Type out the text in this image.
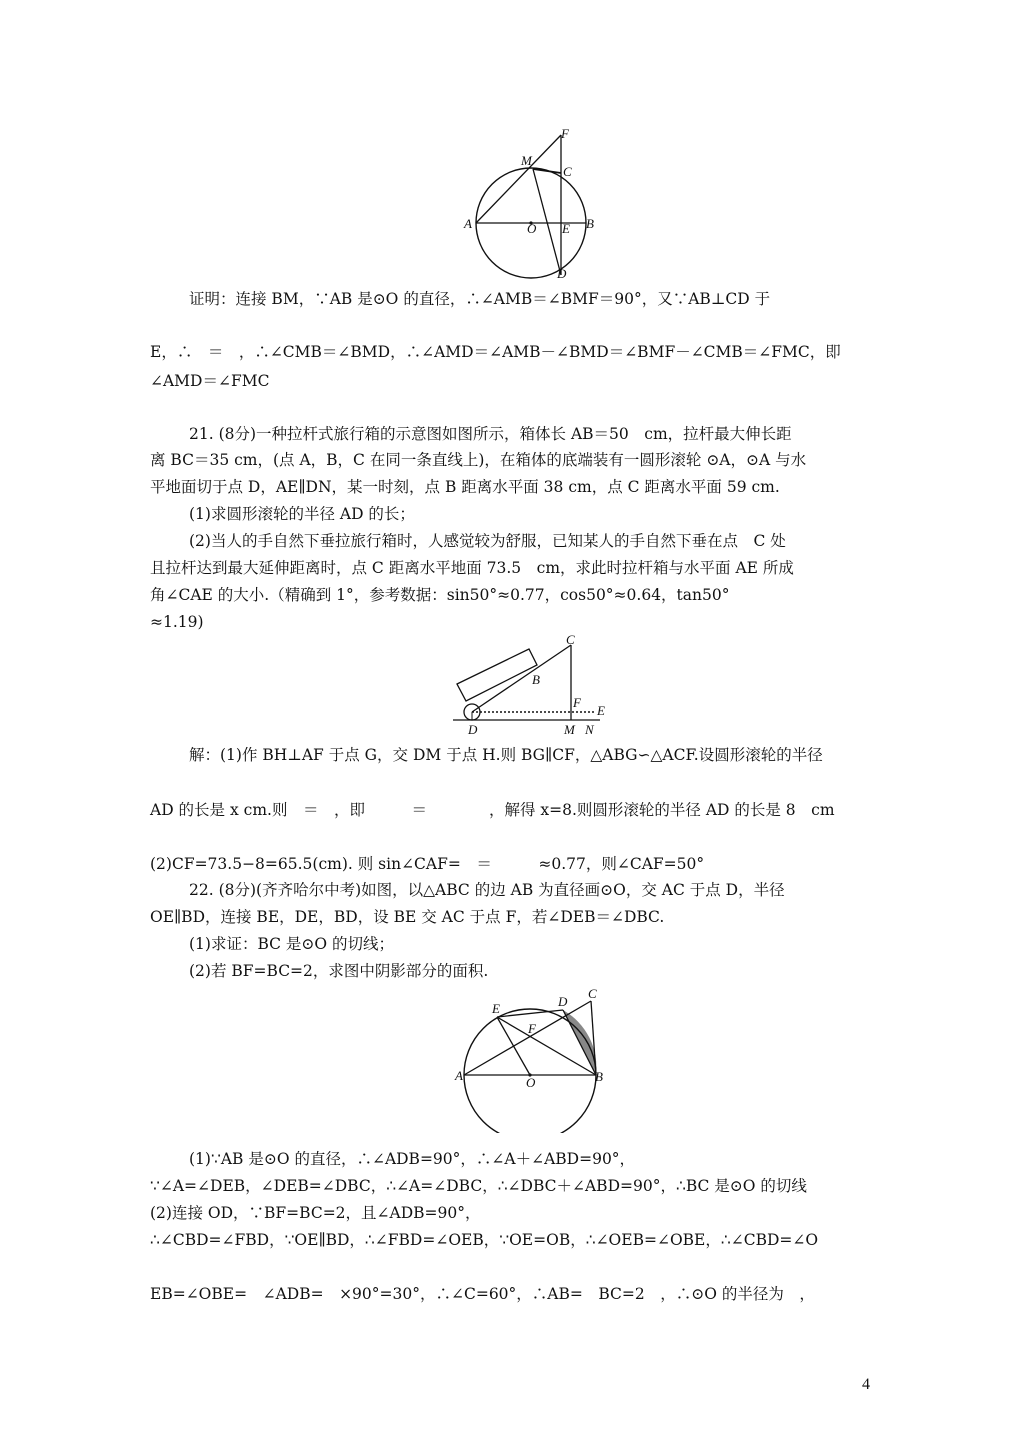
F
M
C
A	O E B
D
证明：连接 BM，∵AB 是⊙O 的直径，∴∠AMB＝∠BMF＝90°，又∵AB⊥CD 于
E，∴　＝　，∴∠CMB＝∠BMD，∴∠AMD＝∠AMB－∠BMD＝∠BMF－∠CMB＝∠FMC，即
∠AMD＝∠FMC
21. (8分)一种拉杆式旅行箱的示意图如图所示，箱体长 AB＝50　cm，拉杆最大伸长距
离 BC＝35 cm，(点 A，B，C 在同一条直线上)，在箱体的底端装有一圆形滚轮 ⊙A，⊙A 与水
平地面切于点 D，AE∥DN，某一时刻，点 B 距离水平面 38 cm，点 C 距离水平面 59 cm.
(1)求圆形滚轮的半径 AD 的长；
(2)当人的手自然下垂拉旅行箱时，人感觉较为舒服，已知某人的手自然下垂在点　C 处
且拉杆达到最大延伸距离时，点 C 距离水平地面 73.5　cm，求此时拉杆箱与水平面 AE 所成
角∠CAE 的大小.（精确到 1°，参考数据：sin50°≈0.77，cos50°≈0.64，tan50°
≈1.19)
C
B
F
E
D	M N
解：(1)作 BH⊥AF 于点 G，交 DM 于点 H.则 BG∥CF，△ABG∽△ACF.设圆形滚轮的半径
AD 的长是 x cm.则　＝　，即　　　＝　　　　，解得 x=8.则圆形滚轮的半径 AD 的长是 8　cm
(2)CF=73.5−8=65.5(cm). 则 sin∠CAF=　＝　　　≈0.77，则∠CAF=50°
22. (8分)(齐齐哈尔中考)如图，以△ABC 的边 AB 为直径画⊙O，交 AC 于点 D，半径
OE∥BD，连接 BE，DE，BD，设 BE 交 AC 于点 F，若∠DEB＝∠DBC.
(1)求证：BC 是⊙O 的切线；
(2)若 BF=BC=2，求图中阴影部分的面积.
E	D
C
F
A	O	B
(1)∵AB 是⊙O 的直径，∴∠ADB=90°，∴∠A＋∠ABD=90°，
∵∠A=∠DEB，∠DEB=∠DBC，∴∠A=∠DBC，∴∠DBC＋∠ABD=90°，∴BC 是⊙O 的切线
(2)连接 OD，∵BF=BC=2，且∠ADB=90°，
∴∠CBD=∠FBD，∵OE∥BD，∴∠FBD=∠OEB，∵OE=OB，∴∠OEB=∠OBE，∴∠CBD=∠O
EB=∠OBE=　∠ADB=　×90°=30°，∴∠C=60°，∴AB=　BC=2　，∴⊙O 的半径为　，
4
